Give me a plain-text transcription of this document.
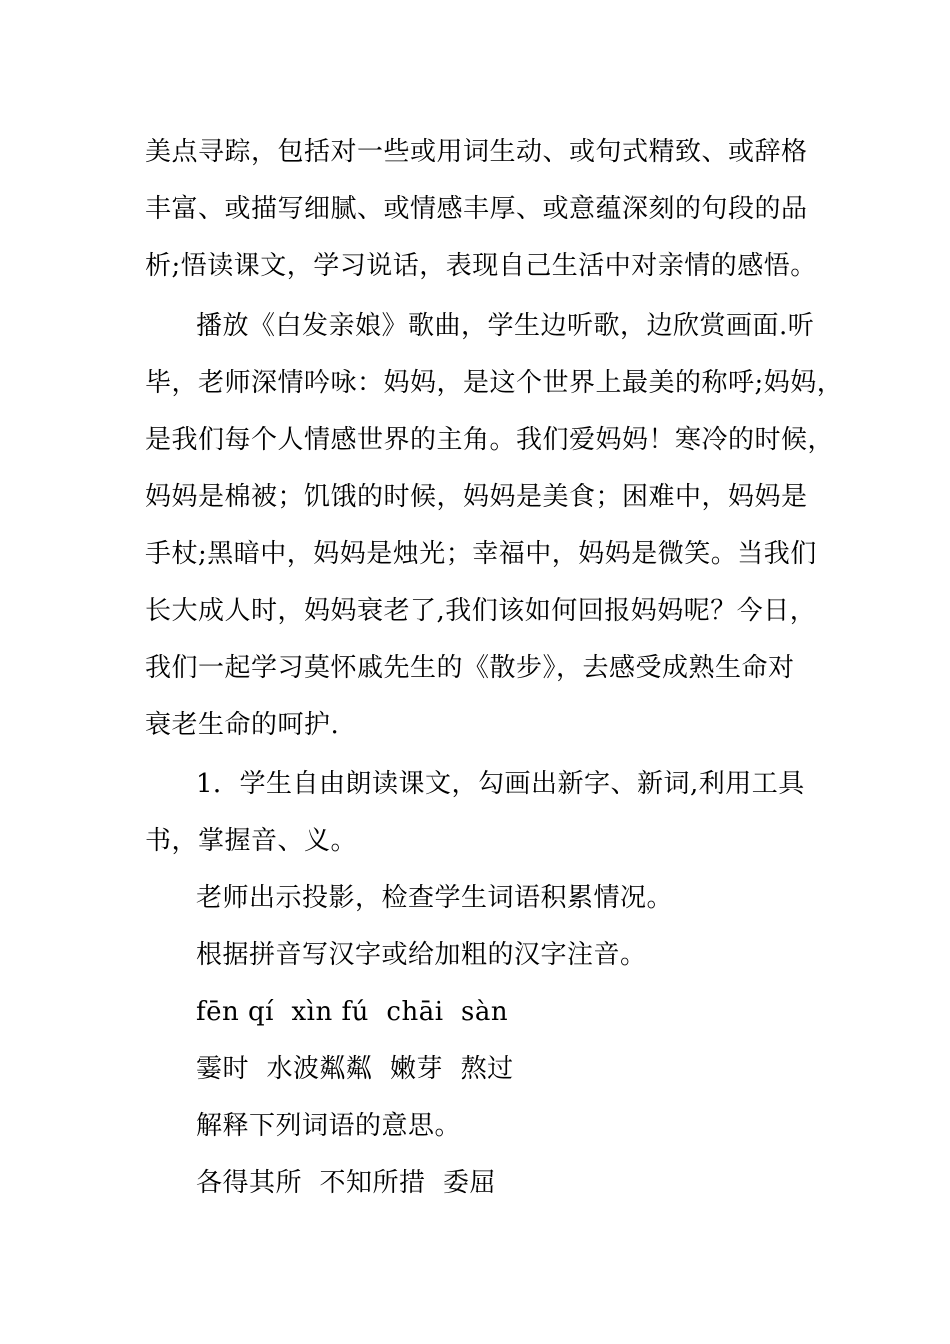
美点寻踪，包括对一些或用词生动、或句式精致、或辞格
丰富、或描写细腻、或情感丰厚、或意蕴深刻的句段的品
析;悟读课文，学习说话，表现自己生活中对亲情的感悟。
播放《白发亲娘》歌曲，学生边听歌，边欣赏画面.听
毕，老师深情吟咏：妈妈，是这个世界上最美的称呼;妈妈，
是我们每个人情感世界的主角。我们爱妈妈！寒冷的时候，
妈妈是棉被；饥饿的时候，妈妈是美食；困难中，妈妈是
手杖;黑暗中，妈妈是烛光；幸福中，妈妈是微笑。当我们
长大成人时，妈妈衰老了,我们该如何回报妈妈呢？今日，
我们一起学习莫怀戚先生的《散步》，去感受成熟生命对
衰老生命的呵护.
1．学生自由朗读课文，勾画出新字、新词,利用工具
书，掌握音、义。
老师出示投影，检查学生词语积累情况。
根据拼音写汉字或给加粗的汉字注音。
fēn qí  xìn fú  chāi  sàn
霎时  水波粼粼  嫩芽  熬过
解释下列词语的意思。
各得其所  不知所措  委屈
